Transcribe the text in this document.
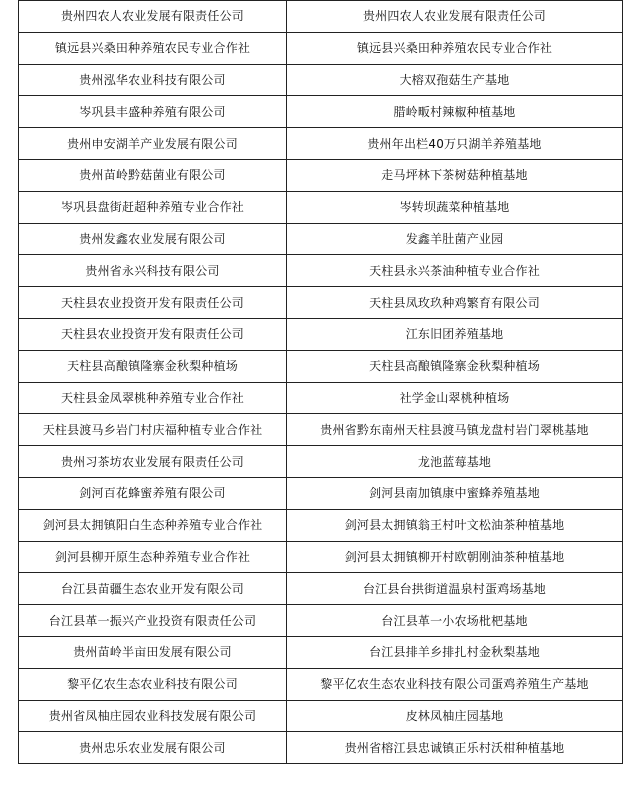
贵州四农人农业发展有限责任公司	贵州四农人农业发展有限责任公司
镇远县兴桑田种养殖农民专业合作社	镇远县兴桑田种养殖农民专业合作社
贵州泓华农业科技有限公司	大榕双孢菇生产基地
岑巩县丰盛种养殖有限公司	腊岭畈村辣椒种植基地
贵州申安湖羊产业发展有限公司	贵州年出栏40万只湖羊养殖基地
贵州苗岭黔菇菌业有限公司	走马坪林下茶树菇种植基地
岑巩县盘街赶超种养殖专业合作社	岑转坝蔬菜种植基地
贵州发鑫农业发展有限公司	发鑫羊肚菌产业园
贵州省永兴科技有限公司	天柱县永兴茶油种植专业合作社
天柱县农业投资开发有限责任公司	天柱县凤玫玖种鸡繁育有限公司
天柱县农业投资开发有限责任公司	江东旧团养殖基地
天柱县高酿镇隆寨金秋梨种植场	天柱县高酿镇隆寨金秋梨种植场
天柱县金凤翠桃种养殖专业合作社	社学金山翠桃种植场
天柱县渡马乡岩门村庆福种植专业合作社	贵州省黔东南州天柱县渡马镇龙盘村岩门翠桃基地
贵州习茶坊农业发展有限责任公司	龙池蓝莓基地
剑河百花蜂蜜养殖有限公司	剑河县南加镇康中蜜蜂养殖基地
剑河县太拥镇阳白生态种养殖专业合作社	剑河县太拥镇翁王村叶文松油茶种植基地
剑河县柳开原生态种养殖专业合作社	剑河县太拥镇柳开村欧朝刚油茶种植基地
台江县苗疆生态农业开发有限公司	台江县台拱街道温泉村蛋鸡场基地
台江县革一振兴产业投资有限责任公司	台江县革一小农场枇杷基地
贵州苗岭半亩田发展有限公司	台江县排羊乡排扎村金秋梨基地
黎平亿农生态农业科技有限公司	黎平亿农生态农业科技有限公司蛋鸡养殖生产基地
贵州省凤柚庄园农业科技发展有限公司	皮林凤柚庄园基地
贵州忠乐农业发展有限公司	贵州省榕江县忠诚镇正乐村沃柑种植基地
